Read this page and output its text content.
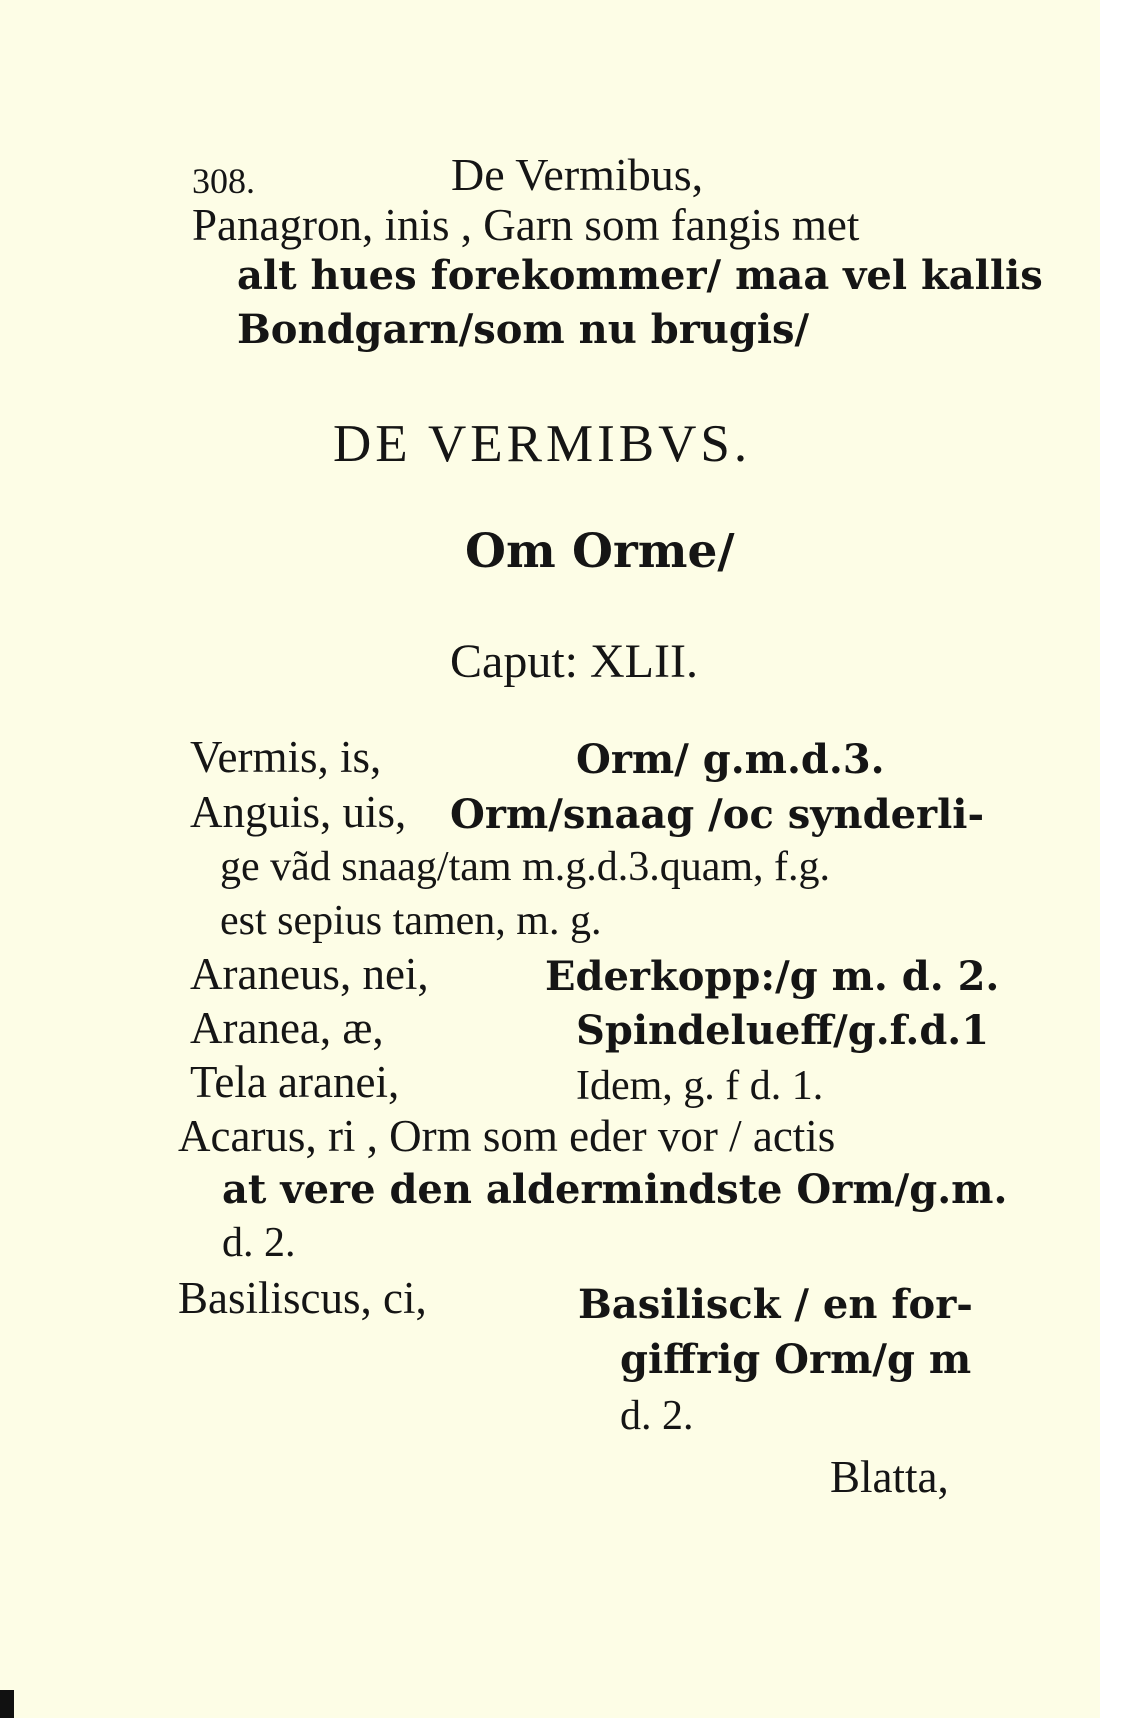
308.	De Vermibus,
Panagron, inis , Garn som fangis met
alt hues forekommer/ maa vel kallis
Bondgarn/som nu brugis/
DE VERMIBVS.
Om Orme/
Caput: XLII.
Vermis, is,	Orm/ g.m.d.3.
Anguis, uis, Orm/snaag /oc synderli-
ge vãd snaag/tam m.g.d.3.quam, f.g.
est sepius tamen, m. g.
Araneus, nei,	Ederkopp:/g m. d. 2.
Aranea, æ,	Spindelueff/g.f.d.1
Tela aranei,	Idem, g. f d. 1.
Acarus, ri , Orm som eder vor / actis
at vere den aldermindste Orm/g.m.
d. 2.
Basiliscus, ci,	Basilisck / en for-
giffrig Orm/g m
d. 2.
Blatta,
